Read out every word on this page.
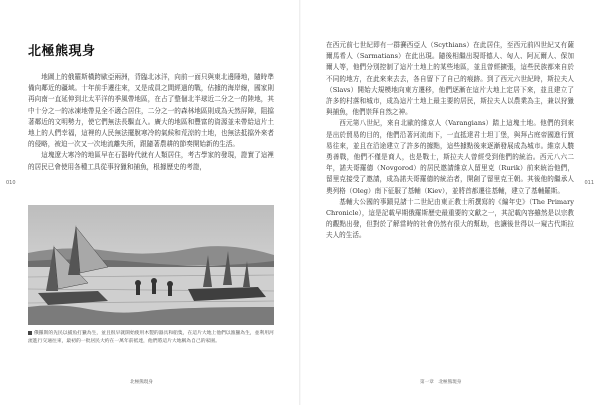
010
北極熊現身
地圖上的俄羅斯橫跨歐亞兩洲，背臨北冰洋，向前一面只與東北邊陲地，隨時準備向鄰近的疆域。十年前手遷往來，又是成員之間經過的戰，佔據的海岸線，國家則再向南一直延伸到北太平洋的季風帶地區，在占了整個北半球近二分之一的陸地，其中十分之一的冰凍地帶見全不適合居住，二分之一的森林地區則成為天然屏障，阻擋著鄰近的文明勢力，使它們無法長驅直入。廣大的地區和豐富的資源並未帶給這片土地上的人們幸福，這裡的人民無法擺脫寒冷的氣候和荒涼的土地，也無法抵擋外來者的侵略，被迫一次又一次地流離失所，跟隨著農耕的節奏開始新的生活。
這塊遼大寒冷的地區早在石器時代就有人類居住，考古學家的發現，證實了這裡的居民已會使用各種工具從事狩獵和捕魚，根據歷史的考證，
俄羅斯的先民以捕魚打獵為生，並且很早就開始使用木製的器具和船隻，在這片大地上他們以漁獵為生，並利用河流進行交通往來，最初的一批居民大約在一萬年前抵達，他們將這片大地稱為自己的家園。
北極熊現身
011
在西元前七世紀即有一群賽西亞人（Scythians）在此居住，至西元前四世紀又有薩爾馬希人（Sarmatians）在此出現。隨後相繼出現哥德人、匈人、阿瓦爾人、保加爾人等，他們分別控制了這片土地上的某些地區，並且曾經擴張，這些民族都來自於不同的地方，在此來來去去，各自留下了自己的痕跡。到了西元六世紀時，斯拉夫人（Slavs）開始大規模地向東方遷移，他們逐漸在這片大地上定居下來，並且建立了許多的村落和城市，成為這片土地上最主要的居民，斯拉夫人以農業為主，兼以狩獵與捕魚，他們崇拜自然之神。
西元第八世紀，來自北歐的維京人（Varangians）踏上這塊土地。他們的到來是出於貿易的目的，他們沿著河流南下，一直抵達君士坦丁堡，與拜占庭帝國進行貿易往來，並且在沿途建立了許多的據點，這些據點後來逐漸發展成為城市。維京人驍勇善戰，他們不僅是商人，也是戰士，斯拉夫人曾經受到他們的統治。西元八六二年，諾夫哥羅德（Novgorod）的居民邀請維京人留里克（Rurik）前來統治他們，留里克接受了邀請，成為諾夫哥羅德的統治者，開創了留里克王朝。其後他的繼承人奧列格（Oleg）南下征服了基輔（Kiev），並將首都遷往基輔，建立了基輔羅斯。
基輔大公國的事蹟見諸十二世紀由東正教士所撰寫的《編年史》（The Primary Chronicle），這是記載早期俄羅斯歷史最重要的文獻之一，其記載內容雖然是以宗教的觀點出發，但對於了解當時的社會仍然有很大的幫助，也讓後世得以一窺古代斯拉夫人的生活。
第一章　北極熊現身
